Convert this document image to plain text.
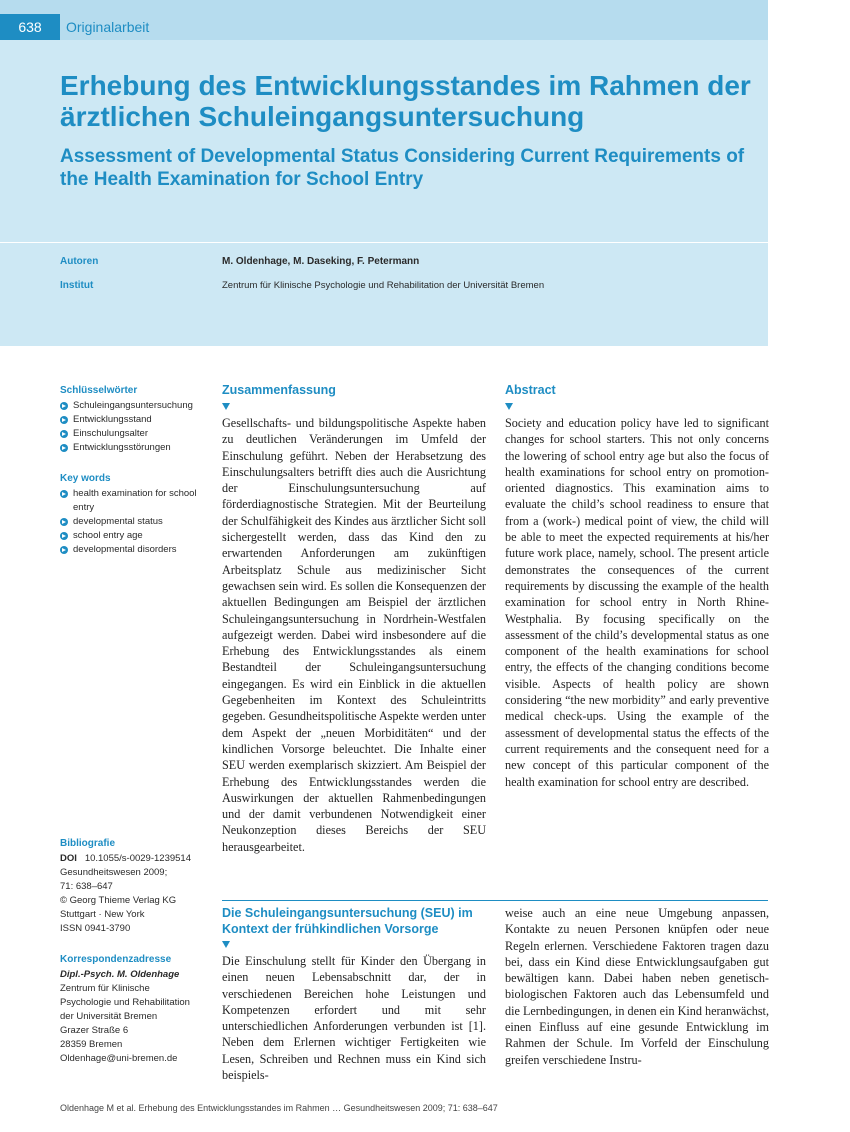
638	Originalarbeit
Erhebung des Entwicklungsstandes im Rahmen der ärztlichen Schuleingangsuntersuchung
Assessment of Developmental Status Considering Current Requirements of the Health Examination for School Entry
Autoren	M. Oldenhage, M. Daseking, F. Petermann
Institut	Zentrum für Klinische Psychologie und Rehabilitation der Universität Bremen
Schlüsselwörter
Schuleingangsuntersuchung
Entwicklungsstand
Einschulungsalter
Entwicklungsstörungen
Key words
health examination for school entry
developmental status
school entry age
developmental disorders
Bibliografie
DOI 10.1055/s-0029-1239514
Gesundheitswesen 2009;
71: 638–647
© Georg Thieme Verlag KG
Stuttgart · New York
ISSN 0941-3790
Korrespondenzadresse
Dipl.-Psych. M. Oldenhage
Zentrum für Klinische
Psychologie und Rehabilitation
der Universität Bremen
Grazer Straße 6
28359 Bremen
Oldenhage@uni-bremen.de
Zusammenfassung

Gesellschafts- und bildungspolitische Aspekte haben zu deutlichen Veränderungen im Umfeld der Einschulung geführt. Neben der Herabsetzung des Einschulungsalters betrifft dies auch die Ausrichtung der Einschulungsuntersuchung auf förderdiagnostische Strategien. Mit der Beurteilung der Schulfähigkeit des Kindes aus ärztlicher Sicht soll sichergestellt werden, dass das Kind den zu erwartenden Anforderungen am zukünftigen Arbeitsplatz Schule aus medizinischer Sicht gewachsen sein wird. Es sollen die Konsequenzen der aktuellen Bedingungen am Beispiel der ärztlichen Schuleingangsuntersuchung in Nordrhein-Westfalen aufgezeigt werden. Dabei wird insbesondere auf die Erhebung des Entwicklungsstandes als einem Bestandteil der Schuleingangsuntersuchung eingegangen. Es wird ein Einblick in die aktuellen Gegebenheiten im Kontext des Schuleintritts gegeben. Gesundheitspolitische Aspekte werden unter dem Aspekt der „neuen Morbiditäten“ und der kindlichen Vorsorge beleuchtet. Die Inhalte einer SEU werden exemplarisch skizziert. Am Beispiel der Erhebung des Entwicklungsstandes werden die Auswirkungen der aktuellen Rahmenbedingungen und der damit verbundenen Notwendigkeit einer Neukonzeption dieses Bereichs der SEU herausgearbeitet.

Abstract

Society and education policy have led to significant changes for school starters. This not only concerns the lowering of school entry age but also the focus of health examinations for school entry on promotion-oriented diagnostics. This examination aims to evaluate the child’s school readiness to ensure that from a (work-) medical point of view, the child will be able to meet the expected requirements at his/her future work place, namely, school. The present article demonstrates the consequences of the current requirements by discussing the example of the health examination for school entry in North Rhine-Westphalia. By focusing specifically on the assessment of the child’s developmental status as one component of the health examinations for school entry, the effects of the changing conditions become visible. Aspects of health policy are shown considering “the new morbidity” and early preventive medical check-ups. Using the example of the assessment of developmental status the effects of the current requirements and the consequent need for a new concept of this particular component of the health examination for school entry are described.

Die Schuleingangsuntersuchung (SEU) im Kontext der frühkindlichen Vorsorge

Die Einschulung stellt für Kinder den Übergang in einen neuen Lebensabschnitt dar, der in verschiedenen Bereichen hohe Leistungen und Kompetenzen erfordert und mit sehr unterschiedlichen Anforderungen verbunden ist [1]. Neben dem Erlernen wichtiger Fertigkeiten wie Lesen, Schreiben und Rechnen muss ein Kind sich beispiels-

weise auch an eine neue Umgebung anpassen, Kontakte zu neuen Personen knüpfen oder neue Regeln erlernen. Verschiedene Faktoren tragen dazu bei, dass ein Kind diese Entwicklungsaufgaben gut bewältigen kann. Dabei haben neben genetisch-biologischen Faktoren auch das Lebensumfeld und die Lernbedingungen, in denen ein Kind heranwächst, einen Einfluss auf eine gesunde Entwicklung im Rahmen der Schule. Im Vorfeld der Einschulung greifen verschiedene Instru-

Oldenhage M et al. Erhebung des Entwicklungsstandes im Rahmen … Gesundheitswesen 2009; 71: 638–647
